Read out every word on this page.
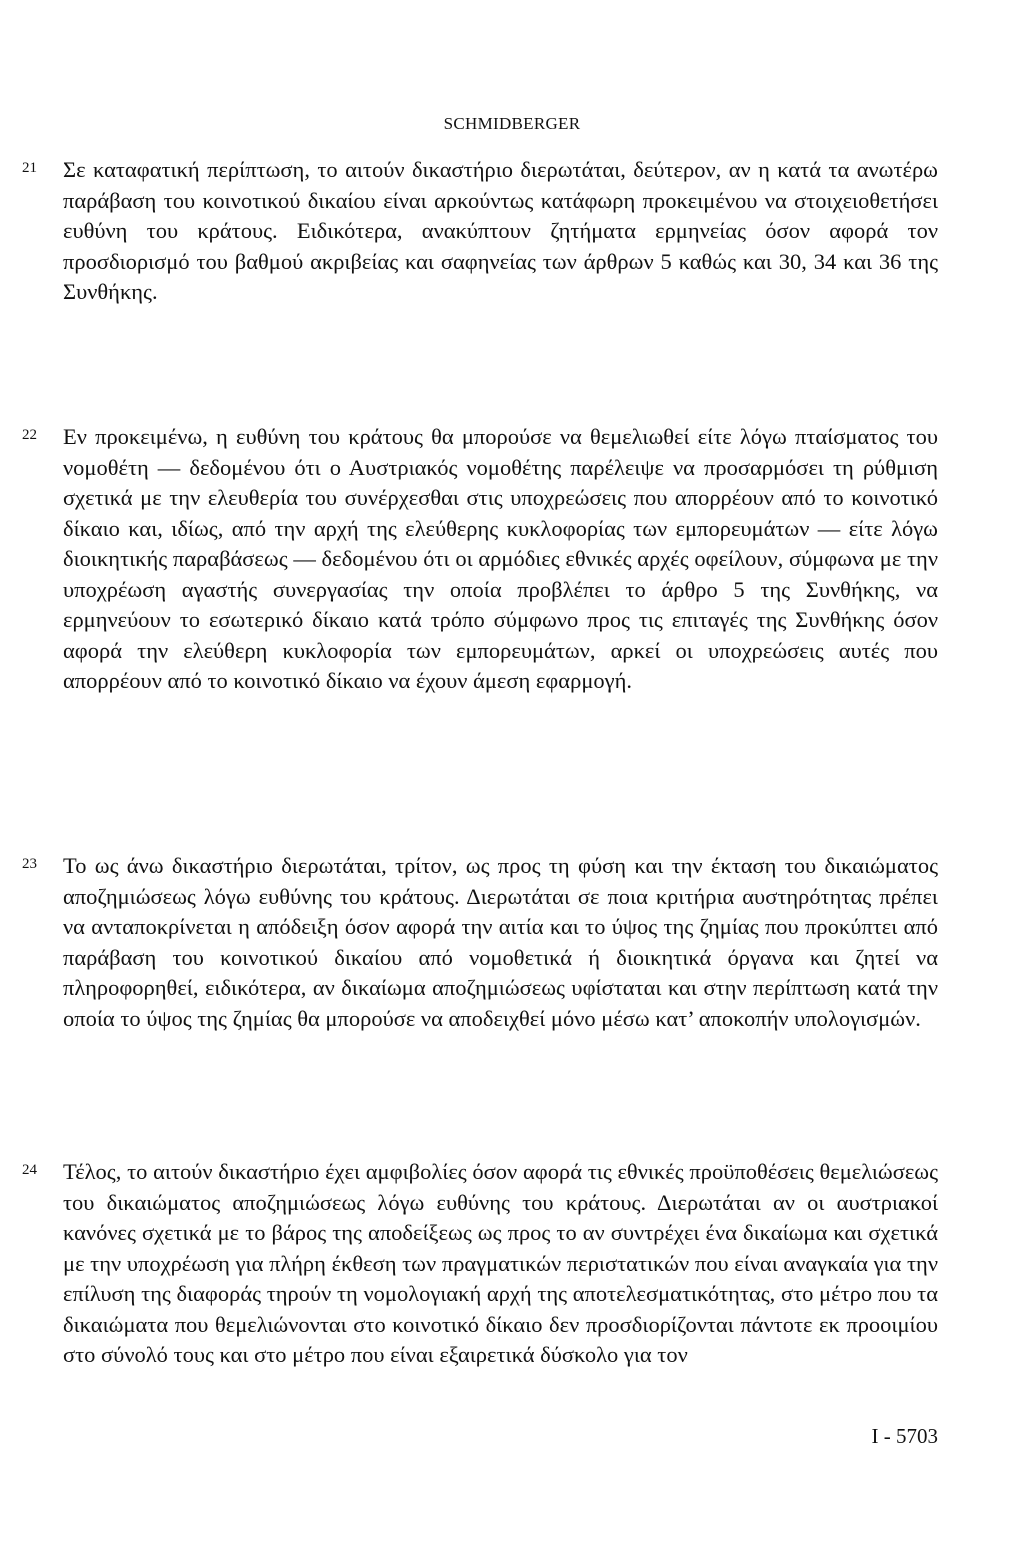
SCHMIDBERGER
21	Σε καταφατική περίπτωση, το αιτούν δικαστήριο διερωτάται, δεύτερον, αν η κατά τα ανωτέρω παράβαση του κοινοτικού δικαίου είναι αρκούντως κατάφωρη προκειμένου να στοιχειοθετήσει ευθύνη του κράτους. Ειδικότερα, ανακύπτουν ζητήματα ερμηνείας όσον αφορά τον προσδιορισμό του βαθμού ακριβείας και σαφηνείας των άρθρων 5 καθώς και 30, 34 και 36 της Συνθήκης.
22	Εν προκειμένω, η ευθύνη του κράτους θα μπορούσε να θεμελιωθεί είτε λόγω πταίσματος του νομοθέτη — δεδομένου ότι ο Αυστριακός νομοθέτης παρέλειψε να προσαρμόσει τη ρύθμιση σχετικά με την ελευθερία του συνέρχεσθαι στις υποχρεώσεις που απορρέουν από το κοινοτικό δίκαιο και, ιδίως, από την αρχή της ελεύθερης κυκλοφορίας των εμπορευμάτων — είτε λόγω διοικητικής παραβάσεως — δεδομένου ότι οι αρμόδιες εθνικές αρχές οφείλουν, σύμφωνα με την υποχρέωση αγαστής συνεργασίας την οποία προβλέπει το άρθρο 5 της Συνθήκης, να ερμηνεύουν το εσωτερικό δίκαιο κατά τρόπο σύμφωνο προς τις επιταγές της Συνθήκης όσον αφορά την ελεύθερη κυκλοφορία των εμπορευμάτων, αρκεί οι υποχρεώσεις αυτές που απορρέουν από το κοινοτικό δίκαιο να έχουν άμεση εφαρμογή.
23	Το ως άνω δικαστήριο διερωτάται, τρίτον, ως προς τη φύση και την έκταση του δικαιώματος αποζημιώσεως λόγω ευθύνης του κράτους. Διερωτάται σε ποια κριτήρια αυστηρότητας πρέπει να ανταποκρίνεται η απόδειξη όσον αφορά την αιτία και το ύψος της ζημίας που προκύπτει από παράβαση του κοινοτικού δικαίου από νομοθετικά ή διοικητικά όργανα και ζητεί να πληροφορηθεί, ειδικότερα, αν δικαίωμα αποζημιώσεως υφίσταται και στην περίπτωση κατά την οποία το ύψος της ζημίας θα μπορούσε να αποδειχθεί μόνο μέσω κατ’ αποκοπήν υπολογισμών.
24	Τέλος, το αιτούν δικαστήριο έχει αμφιβολίες όσον αφορά τις εθνικές προϋποθέσεις θεμελιώσεως του δικαιώματος αποζημιώσεως λόγω ευθύνης του κράτους. Διερωτάται αν οι αυστριακοί κανόνες σχετικά με το βάρος της αποδείξεως ως προς το αν συντρέχει ένα δικαίωμα και σχετικά με την υποχρέωση για πλήρη έκθεση των πραγματικών περιστατικών που είναι αναγκαία για την επίλυση της διαφοράς τηρούν τη νομολογιακή αρχή της αποτελεσματικότητας, στο μέτρο που τα δικαιώματα που θεμελιώνονται στο κοινοτικό δίκαιο δεν προσδιορίζονται πάντοτε εκ προοιμίου στο σύνολό τους και στο μέτρο που είναι εξαιρετικά δύσκολο για τον
I - 5703
